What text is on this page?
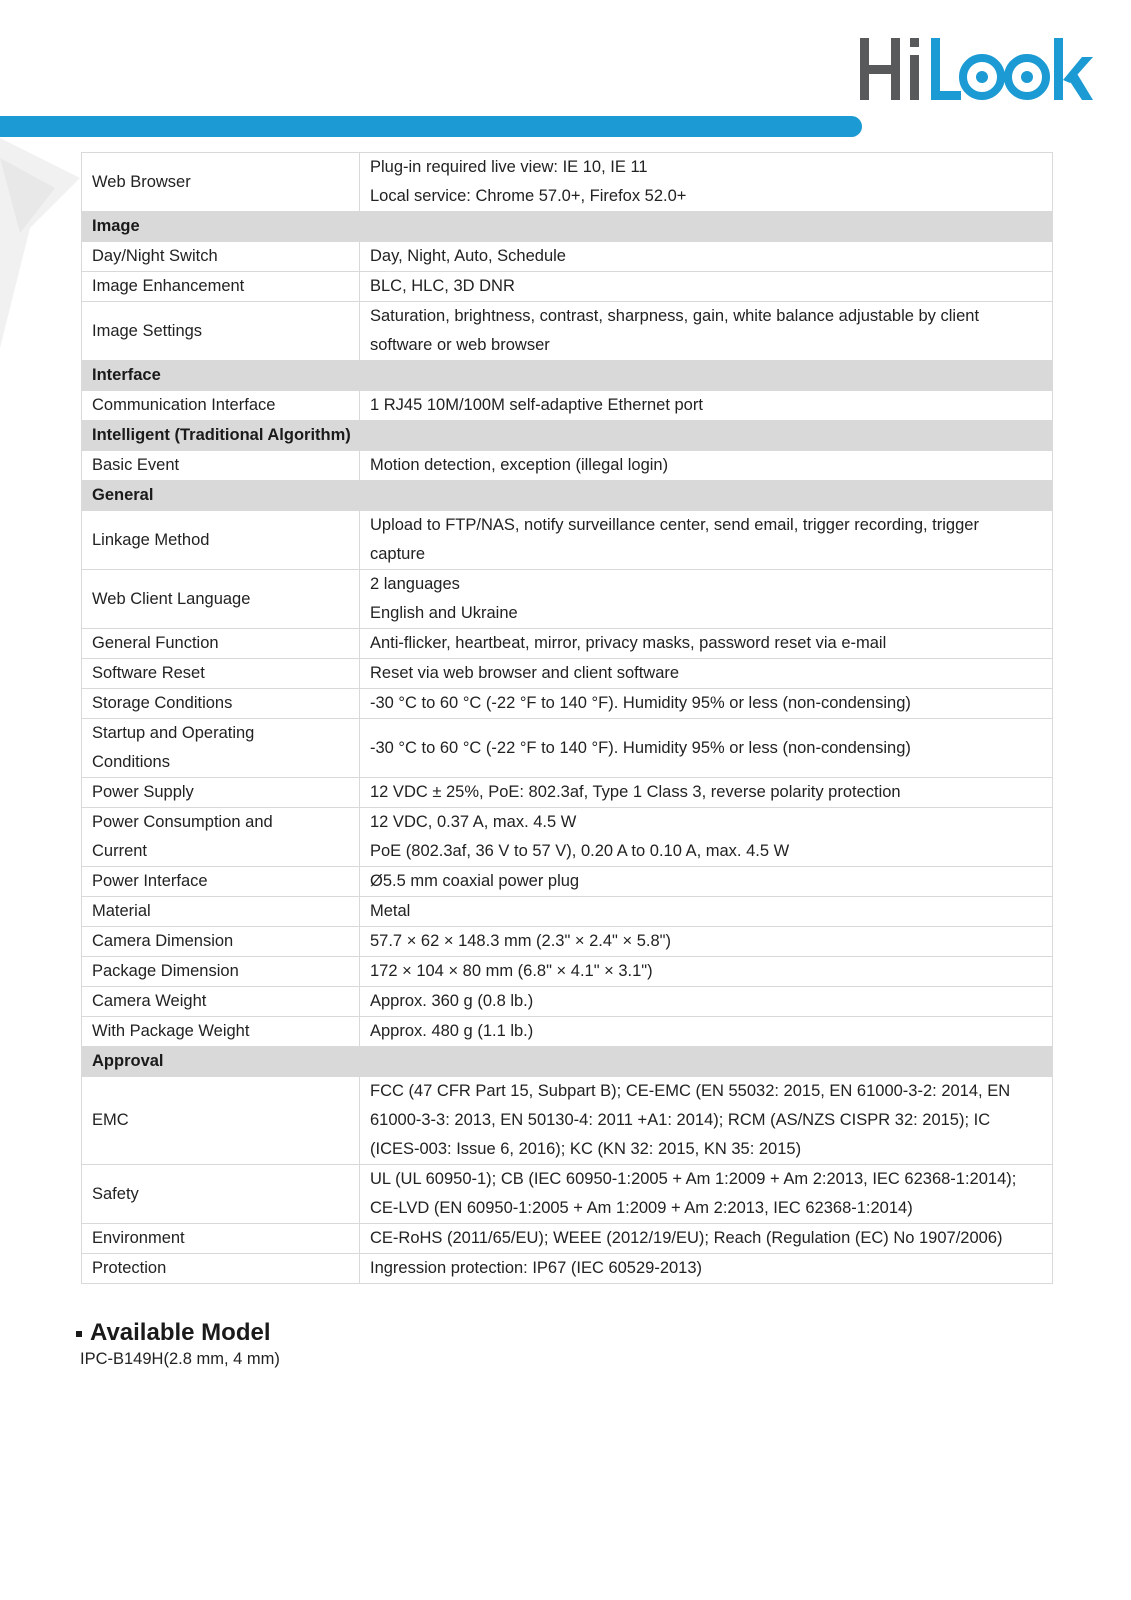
Web Browser	Plug-in required live view: IE 10, IE 11
Local service: Chrome 57.0+, Firefox 52.0+

Image	
Day/Night Switch	Day, Night, Auto, Schedule

Image Enhancement	BLC, HLC, 3D DNR

Image Settings	Saturation, brightness, contrast, sharpness, gain, white balance adjustable by client
software or web browser

Interface	
Communication Interface	1 RJ45 10M/100M self-adaptive Ethernet port

Intelligent (Traditional Algorithm)	
Basic Event	Motion detection, exception (illegal login)

General	
Linkage Method	Upload to FTP/NAS, notify surveillance center, send email, trigger recording, trigger
capture

Web Client Language	2 languages
English and Ukraine

General Function	Anti-flicker, heartbeat, mirror, privacy masks, password reset via e-mail

Software Reset	Reset via web browser and client software

Storage Conditions	-30 °C to 60 °C (-22 °F to 140 °F). Humidity 95% or less (non-condensing)

Startup and Operating
Conditions	-30 °C to 60 °C (-22 °F to 140 °F). Humidity 95% or less (non-condensing)

Power Supply	12 VDC ± 25%, PoE: 802.3af, Type 1 Class 3, reverse polarity protection

Power Consumption and
Current	12 VDC, 0.37 A, max. 4.5 W
PoE (802.3af, 36 V to 57 V), 0.20 A to 0.10 A, max. 4.5 W

Power Interface	Ø5.5 mm coaxial power plug

Material	Metal

Camera Dimension	57.7 × 62 × 148.3 mm (2.3" × 2.4" × 5.8")

Package Dimension	172 × 104 × 80 mm (6.8" × 4.1" × 3.1")

Camera Weight	Approx. 360 g (0.8 lb.)

With Package Weight	Approx. 480 g (1.1 lb.)

Approval	
EMC	FCC (47 CFR Part 15, Subpart B); CE-EMC (EN 55032: 2015, EN 61000-3-2: 2014, EN
61000-3-3: 2013, EN 50130-4: 2011 +A1: 2014); RCM (AS/NZS CISPR 32: 2015); IC
(ICES-003: Issue 6, 2016); KC (KN 32: 2015, KN 35: 2015)

Safety	UL (UL 60950-1); CB (IEC 60950-1:2005 + Am 1:2009 + Am 2:2013, IEC 62368-1:2014);
CE-LVD (EN 60950-1:2005 + Am 1:2009 + Am 2:2013, IEC 62368-1:2014)

Environment	CE-RoHS (2011/65/EU); WEEE (2012/19/EU); Reach (Regulation (EC) No 1907/2006)

Protection	Ingression protection: IP67 (IEC 60529-2013)
Available Model
IPC-B149H(2.8 mm, 4 mm)
